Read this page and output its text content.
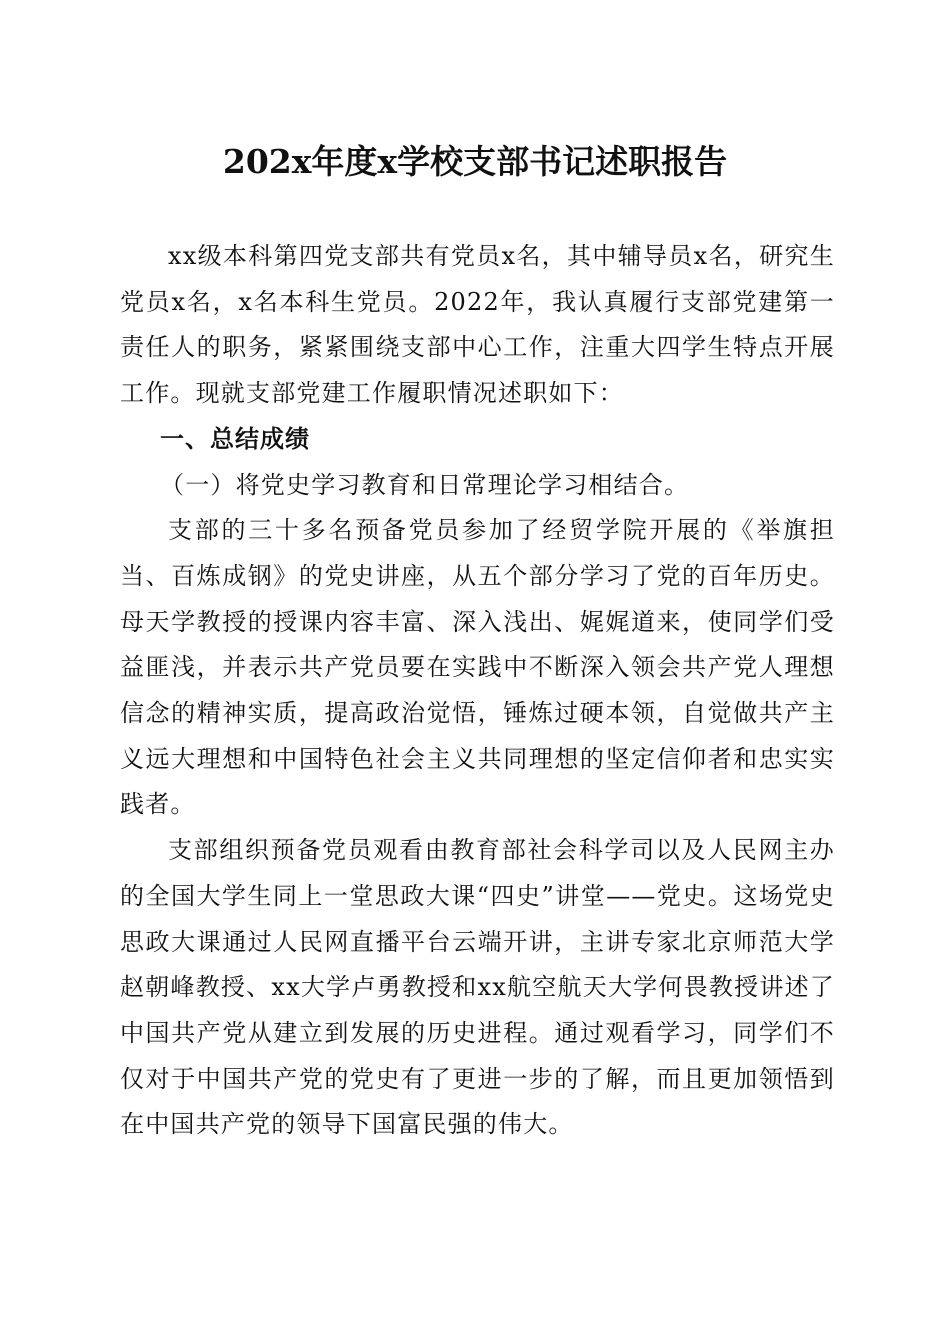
202x年度x学校支部书记述职报告

xx级本科第四党支部共有党员x名，其中辅导员x名，研究生党员x名，x名本科生党员。2022年，我认真履行支部党建第一责任人的职务，紧紧围绕支部中心工作，注重大四学生特点开展工作。现就支部党建工作履职情况述职如下：

一、总结成绩

（一）将党史学习教育和日常理论学习相结合。

支部的三十多名预备党员参加了经贸学院开展的《举旗担当、百炼成钢》的党史讲座，从五个部分学习了党的百年历史。母天学教授的授课内容丰富、深入浅出、娓娓道来，使同学们受益匪浅，并表示共产党员要在实践中不断深入领会共产党人理想信念的精神实质，提高政治觉悟，锤炼过硬本领，自觉做共产主义远大理想和中国特色社会主义共同理想的坚定信仰者和忠实实践者。

支部组织预备党员观看由教育部社会科学司以及人民网主办的全国大学生同上一堂思政大课“四史”讲堂——党史。这场党史思政大课通过人民网直播平台云端开讲，主讲专家北京师范大学赵朝峰教授、xx大学卢勇教授和xx航空航天大学何畏教授讲述了中国共产党从建立到发展的历史进程。通过观看学习，同学们不仅对于中国共产党的党史有了更进一步的了解，而且更加领悟到在中国共产党的领导下国富民强的伟大。
